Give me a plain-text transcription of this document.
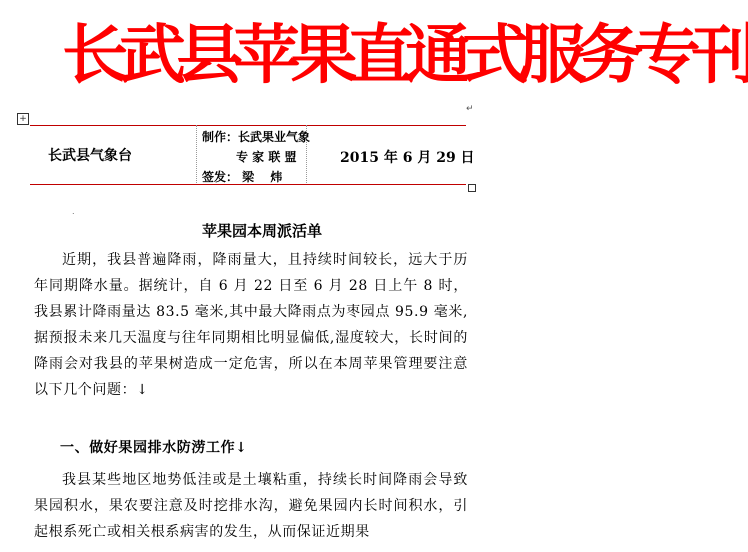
长武县苹果直通式服务专刊
↵
+
长武县气象台
制作：长武果业气象
专 家 联 盟
签发： 梁　 炜
2015 年 6 月 29 日
.
苹果园本周派活单
近期，我县普遍降雨，降雨量大，且持续时间较长，远大于历年同期降水量。据统计，自 6 月 22 日至 6 月 28 日上午 8 时，我县累计降雨量达 83.5 毫米,其中最大降雨点为枣园点 95.9 毫米,据预报未来几天温度与往年同期相比明显偏低,湿度较大，长时间的降雨会对我县的苹果树造成一定危害，所以在本周苹果管理要注意以下几个问题：↓
一、做好果园排水防涝工作↓
我县某些地区地势低洼或是土壤粘重，持续长时间降雨会导致果园积水，果农要注意及时挖排水沟，避免果园内长时间积水，引起根系死亡或相关根系病害的发生，从而保证近期果
